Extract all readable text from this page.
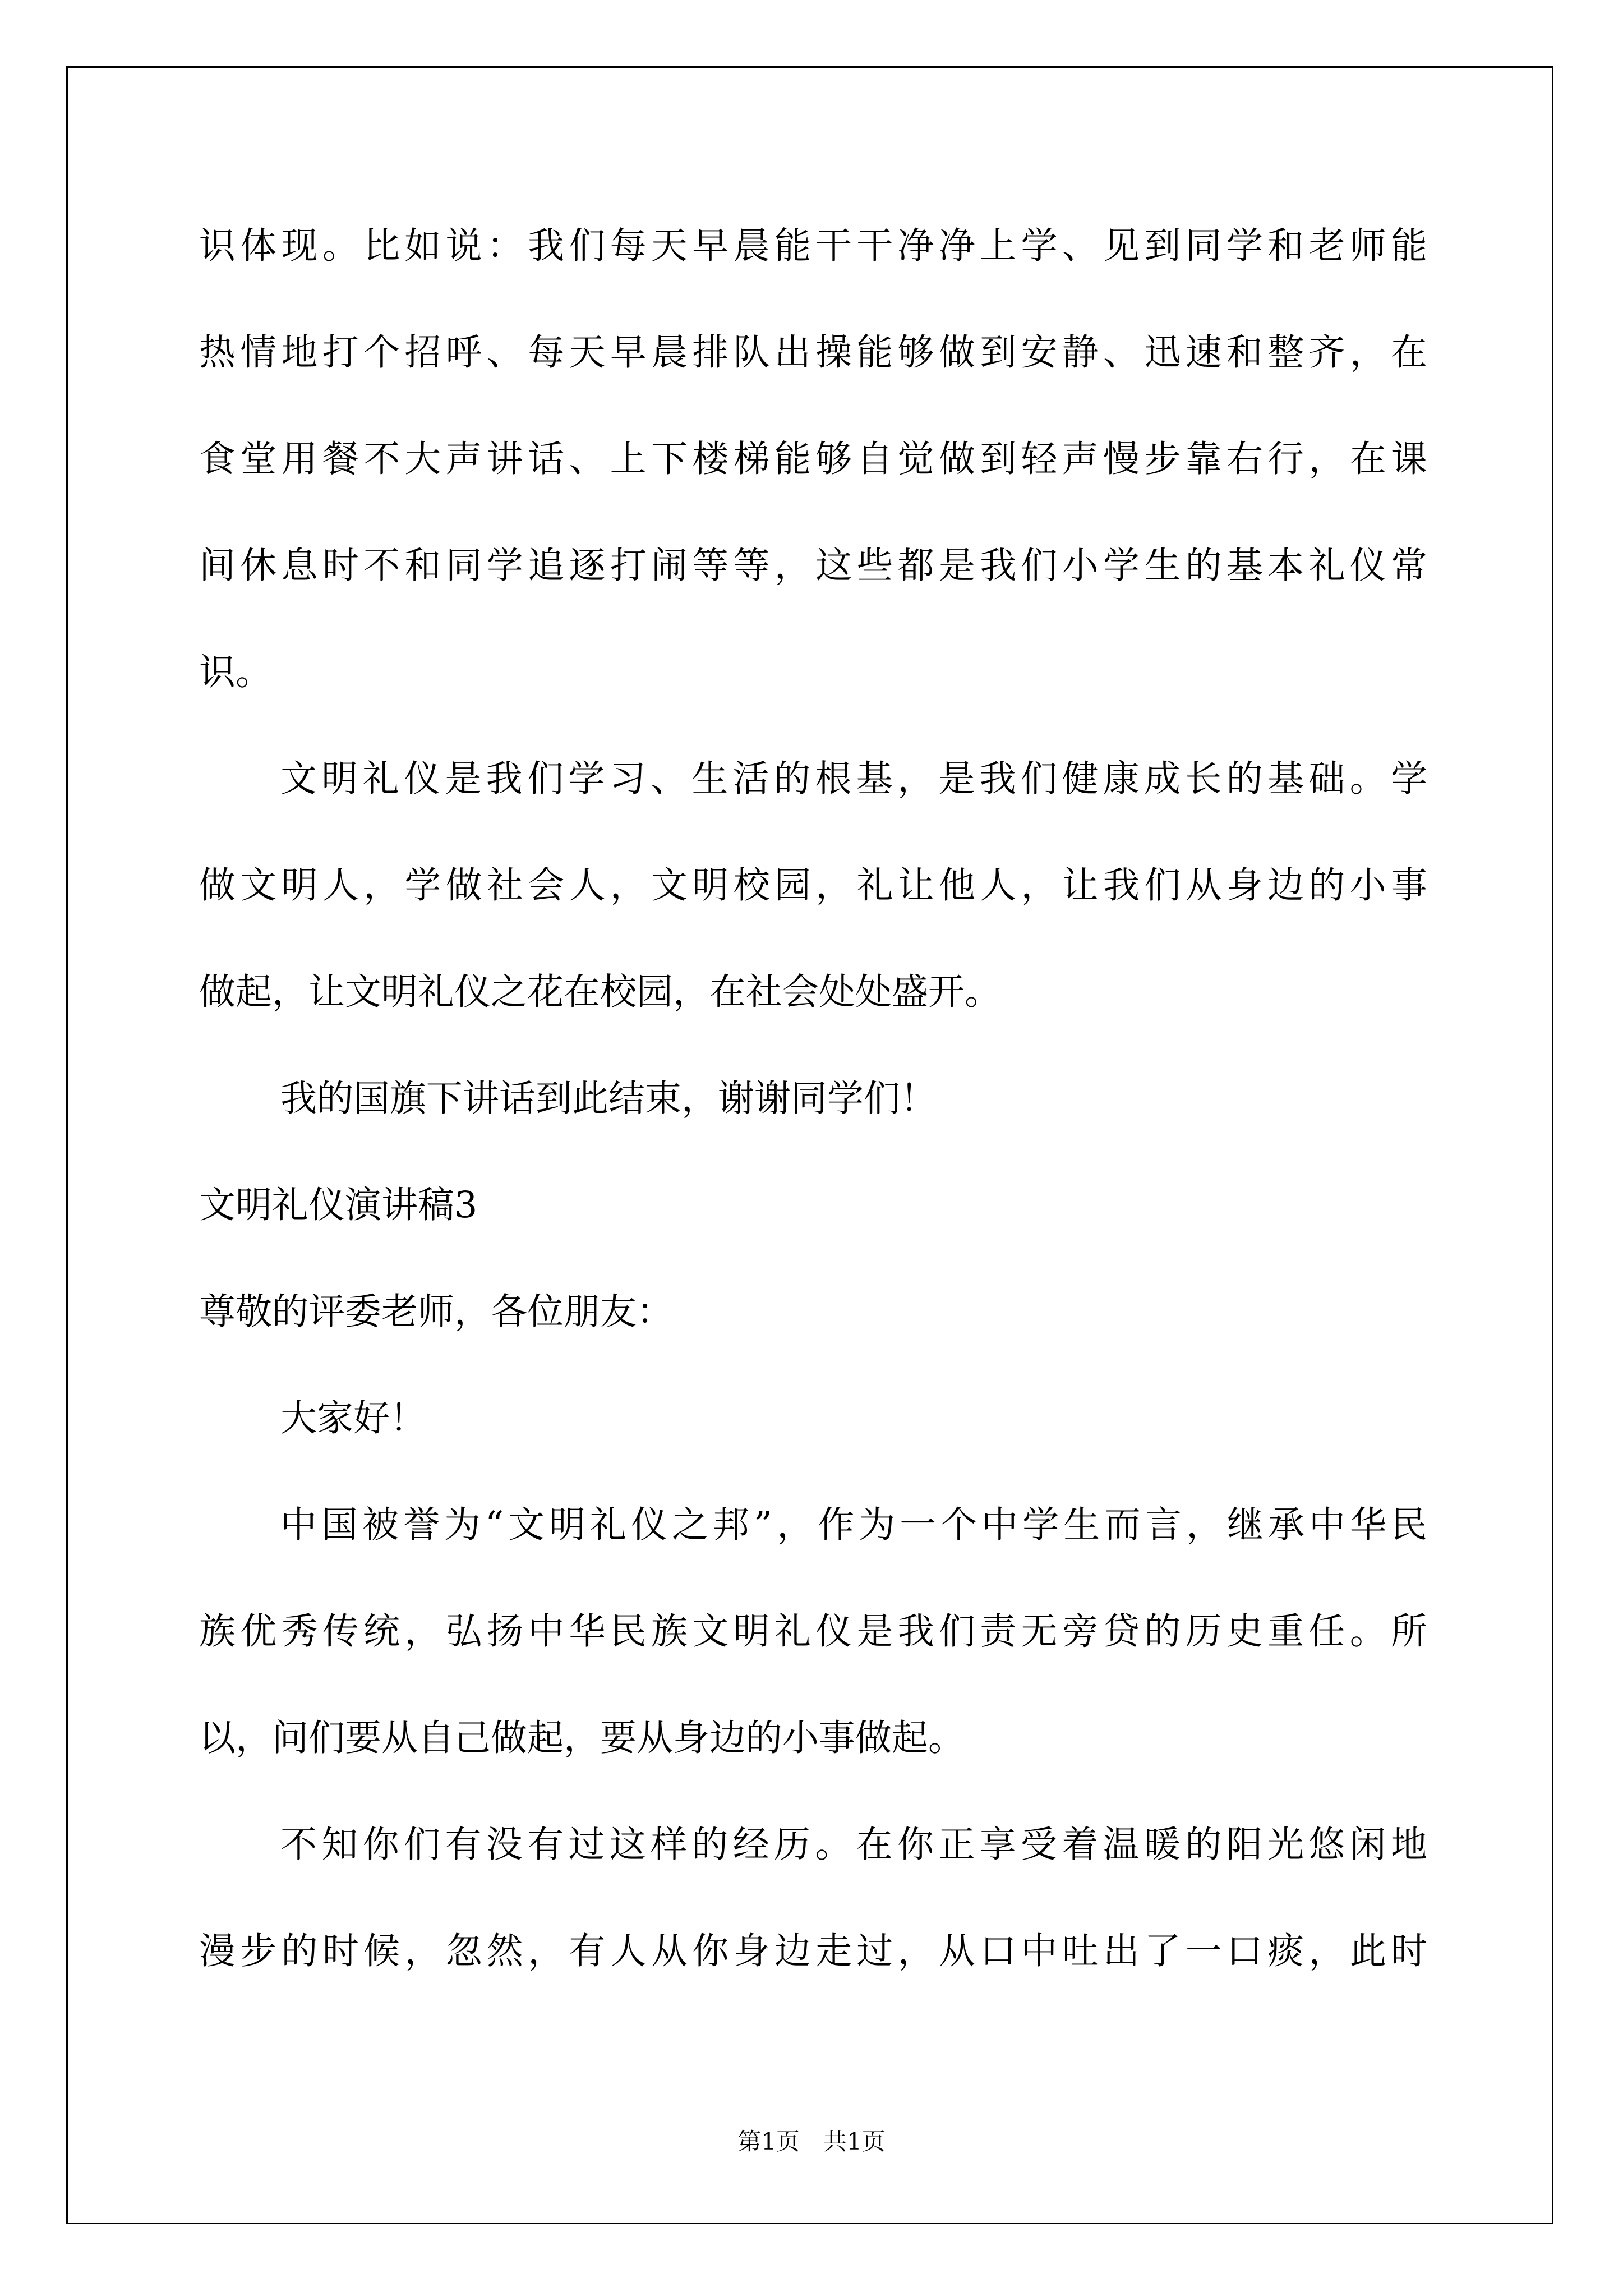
识体现。比如说：我们每天早晨能干干净净上学、见到同学和老师能
热情地打个招呼、每天早晨排队出操能够做到安静、迅速和整齐，在
食堂用餐不大声讲话、上下楼梯能够自觉做到轻声慢步靠右行，在课
间休息时不和同学追逐打闹等等，这些都是我们小学生的基本礼仪常
识。
文明礼仪是我们学习、生活的根基，是我们健康成长的基础。学
做文明人，学做社会人，文明校园，礼让他人，让我们从身边的小事
做起，让文明礼仪之花在校园，在社会处处盛开。
我的国旗下讲话到此结束，谢谢同学们！
文明礼仪演讲稿3
尊敬的评委老师，各位朋友：
大家好！
中国被誉为“文明礼仪之邦”，作为一个中学生而言，继承中华民
族优秀传统，弘扬中华民族文明礼仪是我们责无旁贷的历史重任。所
以，问们要从自己做起，要从身边的小事做起。
不知你们有没有过这样的经历。在你正享受着温暖的阳光悠闲地
漫步的时候，忽然，有人从你身边走过，从口中吐出了一口痰，此时
第1页　共1页
